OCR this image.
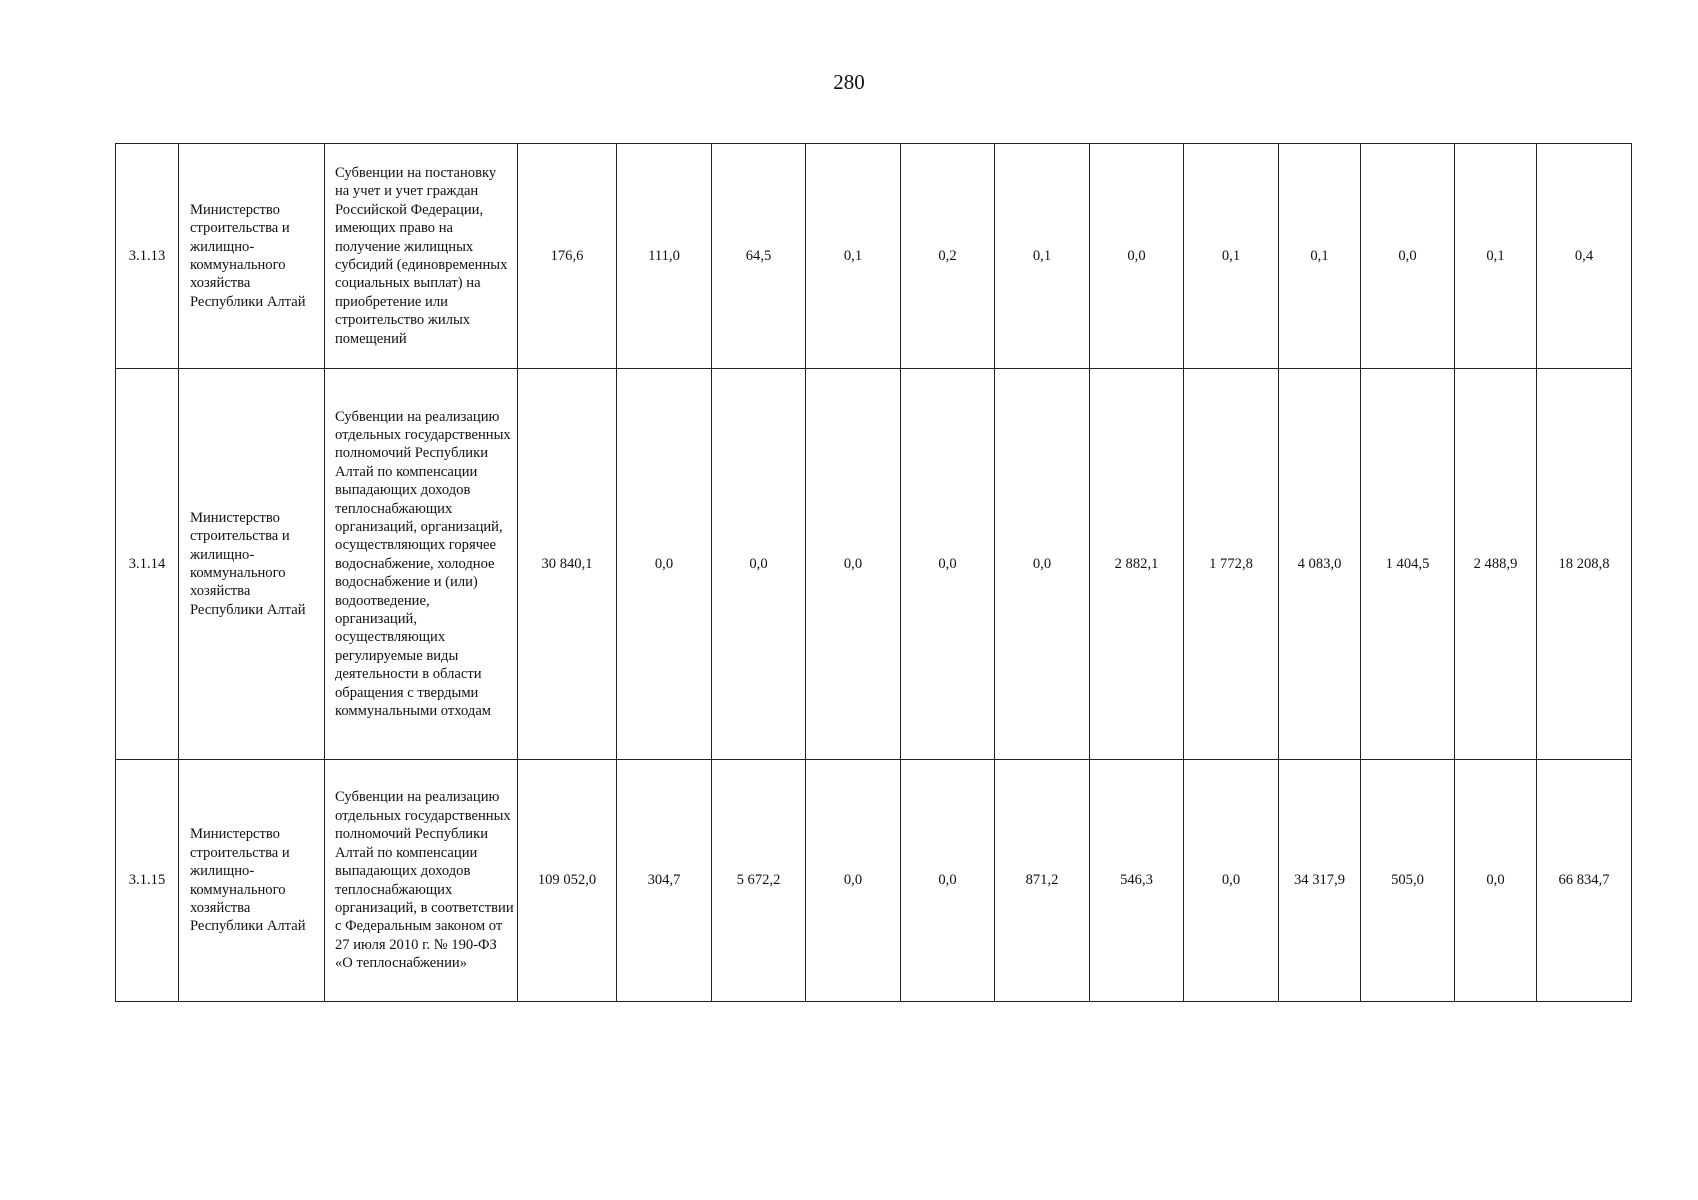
280
3.1.13	Министерство строительства и жилищно-коммунального хозяйства Республики Алтай	Субвенции на постановку на учет и учет граждан Российской Федерации, имеющих право на получение жилищных субсидий (единовременных социальных выплат) на приобретение или строительство жилых помещений	176,6	111,0	64,5	0,1	0,2	0,1	0,0	0,1	0,1	0,0	0,1	0,4
3.1.14	Министерство строительства и жилищно-коммунального хозяйства Республики Алтай	Субвенции на реализацию отдельных государственных полномочий Республики Алтай по компенсации выпадающих доходов теплоснабжающих организаций, организаций, осуществляющих горячее водоснабжение, холодное водоснабжение и (или) водоотведение, организаций, осуществляющих регулируемые виды деятельности в области обращения с твердыми коммунальными отходам	30 840,1	0,0	0,0	0,0	0,0	0,0	2 882,1	1 772,8	4 083,0	1 404,5	2 488,9	18 208,8
3.1.15	Министерство строительства и жилищно-коммунального хозяйства Республики Алтай	Субвенции на реализацию отдельных государственных полномочий Республики Алтай по компенсации выпадающих доходов теплоснабжающих организаций, в соответствии с Федеральным законом от 27 июля 2010 г. № 190-ФЗ «О теплоснабжении»	109 052,0	304,7	5 672,2	0,0	0,0	871,2	546,3	0,0	34 317,9	505,0	0,0	66 834,7
